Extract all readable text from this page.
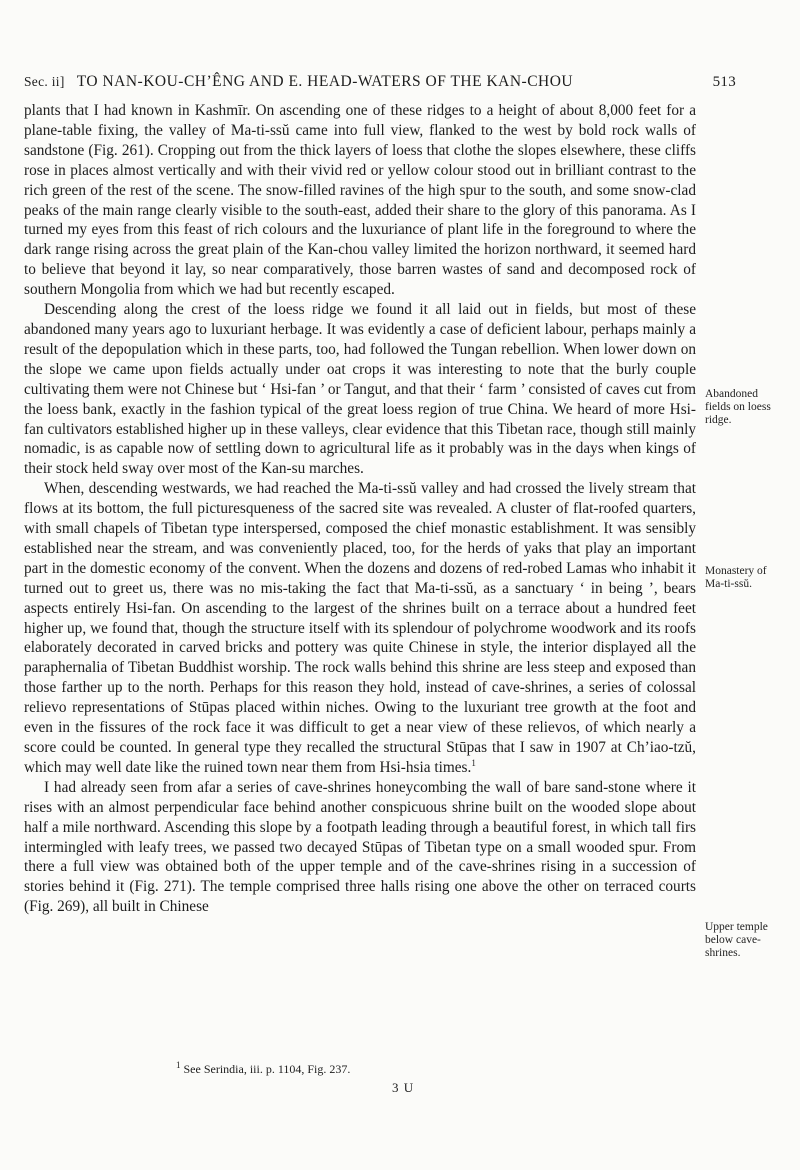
Sec. ii] TO NAN-KOU-CH’ÊNG AND E. HEAD-WATERS OF THE KAN-CHOU	513

plants that I had known in Kashmīr. On ascending one of these ridges to a height of about 8,000 feet for a plane-table fixing, the valley of Ma-ti-ssŭ came into full view, flanked to the west by bold rock walls of sandstone (Fig. 261). Cropping out from the thick layers of loess that clothe the slopes elsewhere, these cliffs rose in places almost vertically and with their vivid red or yellow colour stood out in brilliant contrast to the rich green of the rest of the scene. The snow-filled ravines of the high spur to the south, and some snow-clad peaks of the main range clearly visible to the south-east, added their share to the glory of this panorama. As I turned my eyes from this feast of rich colours and the luxuriance of plant life in the foreground to where the dark range rising across the great plain of the Kan-chou valley limited the horizon northward, it seemed hard to believe that beyond it lay, so near comparatively, those barren wastes of sand and decomposed rock of southern Mongolia from which we had but recently escaped.

Descending along the crest of the loess ridge we found it all laid out in fields, but most of these abandoned many years ago to luxuriant herbage. It was evidently a case of deficient labour, perhaps mainly a result of the depopulation which in these parts, too, had followed the Tungan rebellion. When lower down on the slope we came upon fields actually under oat crops it was interesting to note that the burly couple cultivating them were not Chinese but ‘ Hsi-fan ’ or Tangut, and that their ‘ farm ’ consisted of caves cut from the loess bank, exactly in the fashion typical of the great loess region of true China. We heard of more Hsi-fan cultivators established higher up in these valleys, clear evidence that this Tibetan race, though still mainly nomadic, is as capable now of settling down to agricultural life as it probably was in the days when kings of their stock held sway over most of the Kan-su marches.

When, descending westwards, we had reached the Ma-ti-ssŭ valley and had crossed the lively stream that flows at its bottom, the full picturesqueness of the sacred site was revealed. A cluster of flat-roofed quarters, with small chapels of Tibetan type interspersed, composed the chief monastic establishment. It was sensibly established near the stream, and was conveniently placed, too, for the herds of yaks that play an important part in the domestic economy of the convent. When the dozens and dozens of red-robed Lamas who inhabit it turned out to greet us, there was no mis-taking the fact that Ma-ti-ssŭ, as a sanctuary ‘ in being ’, bears aspects entirely Hsi-fan. On ascending to the largest of the shrines built on a terrace about a hundred feet higher up, we found that, though the structure itself with its splendour of polychrome woodwork and its roofs elaborately decorated in carved bricks and pottery was quite Chinese in style, the interior displayed all the paraphernalia of Tibetan Buddhist worship. The rock walls behind this shrine are less steep and exposed than those farther up to the north. Perhaps for this reason they hold, instead of cave-shrines, a series of colossal relievo representations of Stūpas placed within niches. Owing to the luxuriant tree growth at the foot and even in the fissures of the rock face it was difficult to get a near view of these relievos, of which nearly a score could be counted. In general type they recalled the structural Stūpas that I saw in 1907 at Ch’iao-tzŭ, which may well date like the ruined town near them from Hsi-hsia times.$^1$

I had already seen from afar a series of cave-shrines honeycombing the wall of bare sand-stone where it rises with an almost perpendicular face behind another conspicuous shrine built on the wooded slope about half a mile northward. Ascending this slope by a footpath leading through a beautiful forest, in which tall firs intermingled with leafy trees, we passed two decayed Stūpas of Tibetan type on a small wooded spur. From there a full view was obtained both of the upper temple and of the cave-shrines rising in a succession of stories behind it (Fig. 271). The temple comprised three halls rising one above the other on terraced courts (Fig. 269), all built in Chinese

Abandoned fields on loess ridge.
Monastery of Ma-ti-ssŭ.
Upper temple below cave-shrines.
$^1$ See Serindia, iii. p. 1104, Fig. 237.
3 U
